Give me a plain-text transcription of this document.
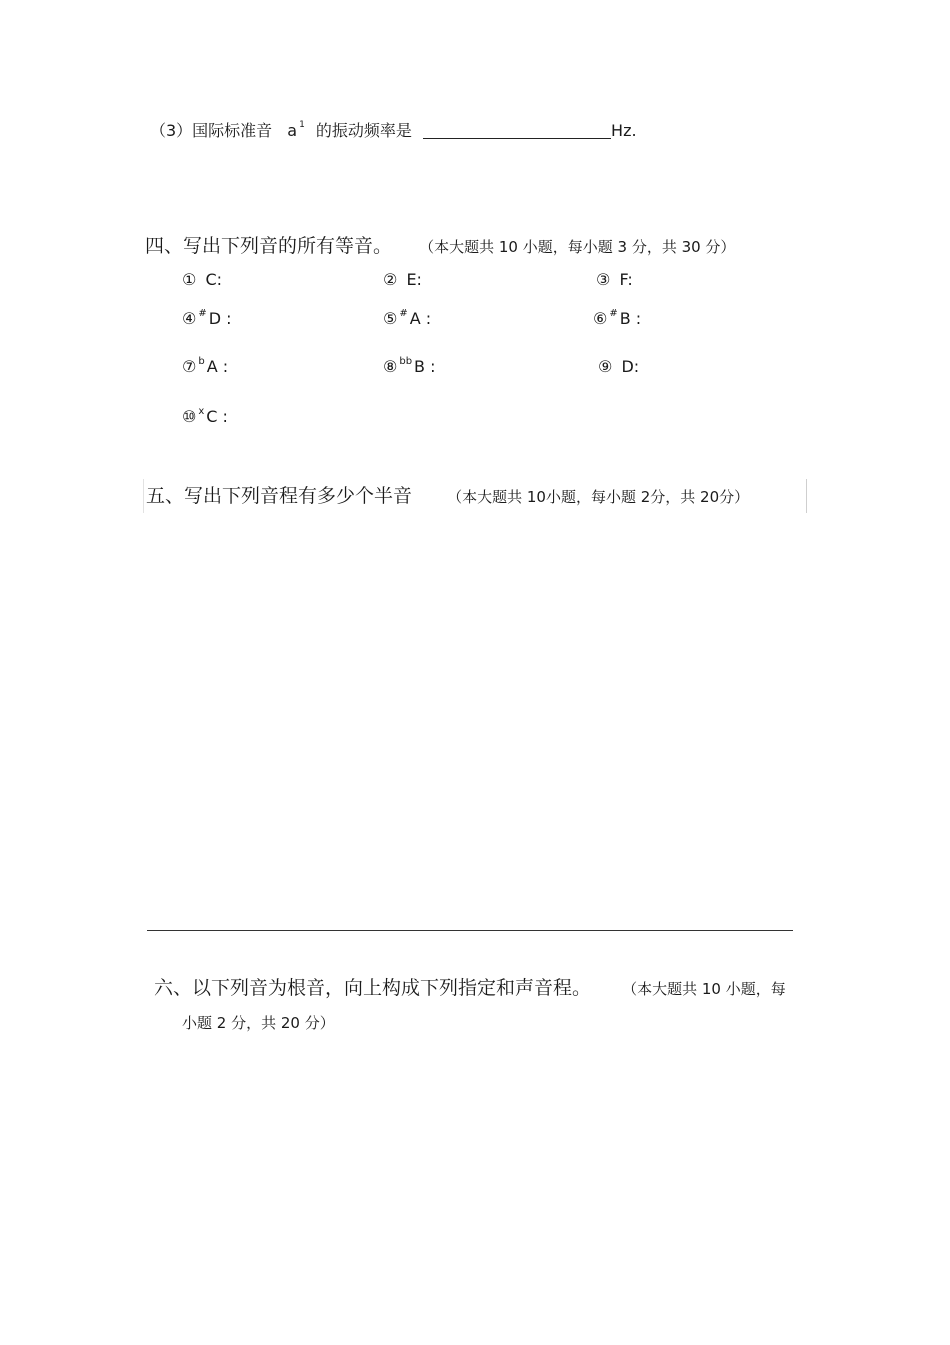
（3）国际标准音 a $^1$ 的振动频率是	Hz.
四、写出下列音的所有等音。 （本大题共 10 小题，每小题 3 分，共 30 分）
① C:	② E:	③ F:
④ # D :	⑤ # A :	⑥ # B :
⑦ $^b$ A :	⑧ $^{bb}$ B :	⑨ D:
⑩ $^x$ C :
五、写出下列音程有多少个半音 （本大题共 10小题，每小题 2分，共 20分）
六、以下列音为根音，向上构成下列指定和声音程。 （本大题共 10 小题，每
小题 2 分，共 20 分）
